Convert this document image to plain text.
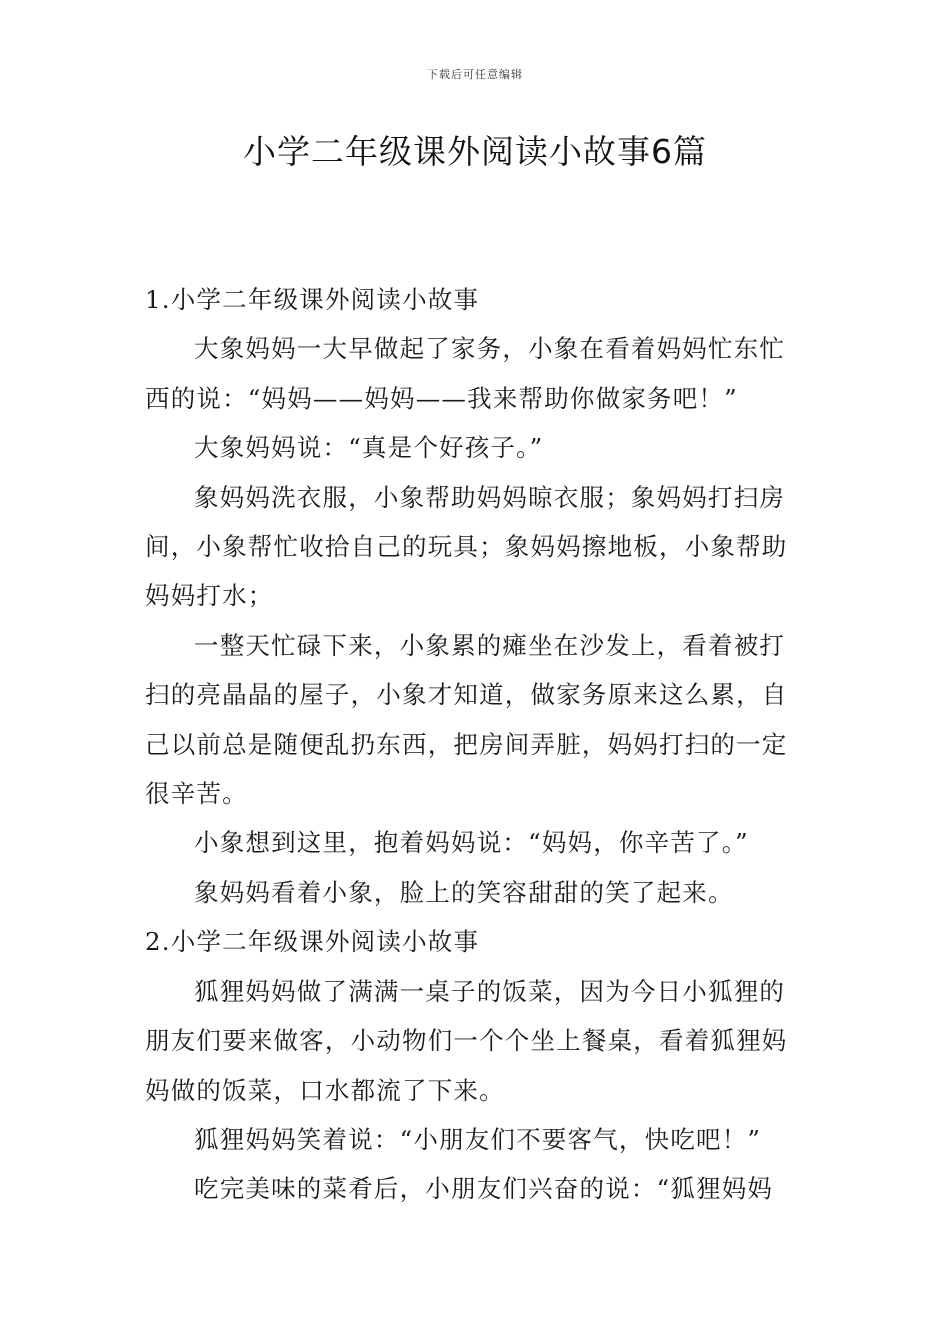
下载后可任意编辑
小学二年级课外阅读小故事6篇

1.小学二年级课外阅读小故事

大象妈妈一大早做起了家务，小象在看着妈妈忙东忙西的说：“妈妈——妈妈——我来帮助你做家务吧！”

大象妈妈说：“真是个好孩子。”

象妈妈洗衣服，小象帮助妈妈晾衣服；象妈妈打扫房间，小象帮忙收拾自己的玩具；象妈妈擦地板，小象帮助妈妈打水；

一整天忙碌下来，小象累的瘫坐在沙发上，看着被打扫的亮晶晶的屋子，小象才知道，做家务原来这么累，自己以前总是随便乱扔东西，把房间弄脏，妈妈打扫的一定很辛苦。

小象想到这里，抱着妈妈说：“妈妈，你辛苦了。”

象妈妈看着小象，脸上的笑容甜甜的笑了起来。

2.小学二年级课外阅读小故事

狐狸妈妈做了满满一桌子的饭菜，因为今日小狐狸的朋友们要来做客，小动物们一个个坐上餐桌，看着狐狸妈妈做的饭菜，口水都流了下来。

狐狸妈妈笑着说：“小朋友们不要客气，快吃吧！”

吃完美味的菜肴后，小朋友们兴奋的说：“狐狸妈妈
